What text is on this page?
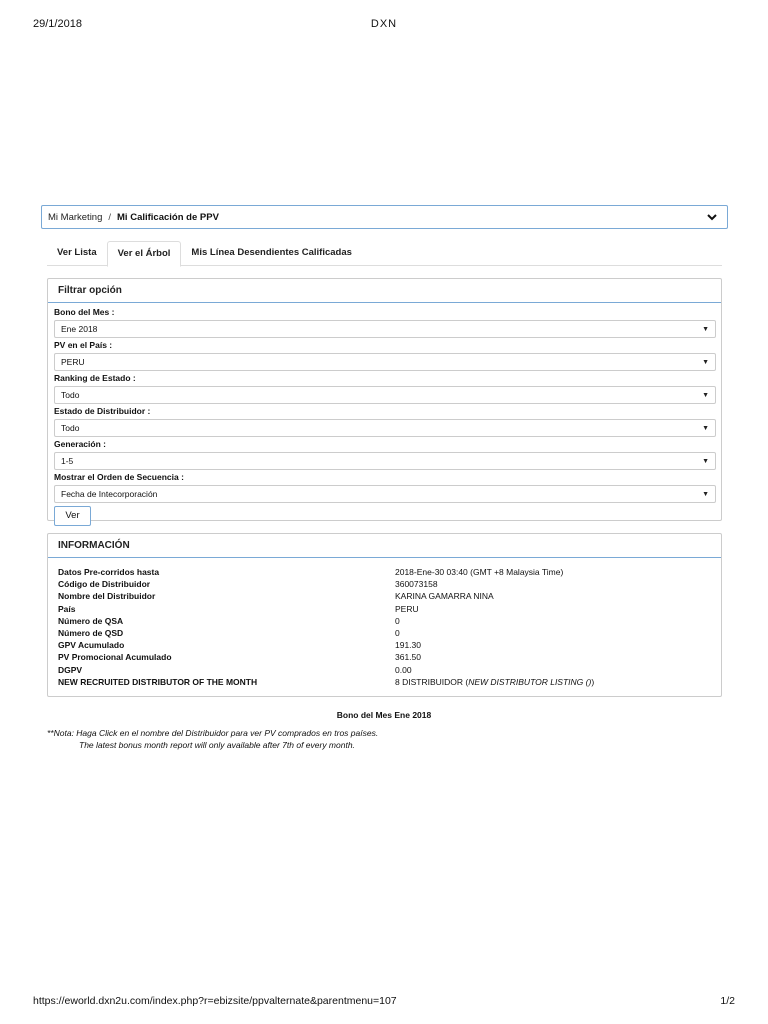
29/1/2018	DXN
Mi Marketing / Mi Calificación de PPV
Ver Lista	Ver el Árbol	Mis Línea Desendientes Calificadas
Filtrar opción
Bono del Mes :
Ene 2018	▼
PV en el País :
PERU	▼
Ranking de Estado :
Todo	▼
Estado de Distribuidor :
Todo	▼
Generación :
1-5	▼
Mostrar el Orden de Secuencia :
Fecha de Intecorporación	▼
Ver
INFORMACIÓN
Datos Pre-corridos hasta	2018-Ene-30 03:40 (GMT +8 Malaysia Time)
Código de Distribuidor	360073158
Nombre del Distribuidor	KARINA GAMARRA NINA
País	PERU
Número de QSA	0
Número de QSD	0
GPV Acumulado	191.30
PV Promocional Acumulado	361.50
DGPV	0.00
NEW RECRUITED DISTRIBUTOR OF THE MONTH	8 DISTRIBUIDOR (NEW DISTRIBUTOR LISTING ())
Bono del Mes Ene 2018
**Nota: Haga Click en el nombre del Distribuidor para ver PV comprados en tros países.
The latest bonus month report will only available after 7th of every month.
https://eworld.dxn2u.com/index.php?r=ebizsite/ppvalternate&parentmenu=107	1/2
